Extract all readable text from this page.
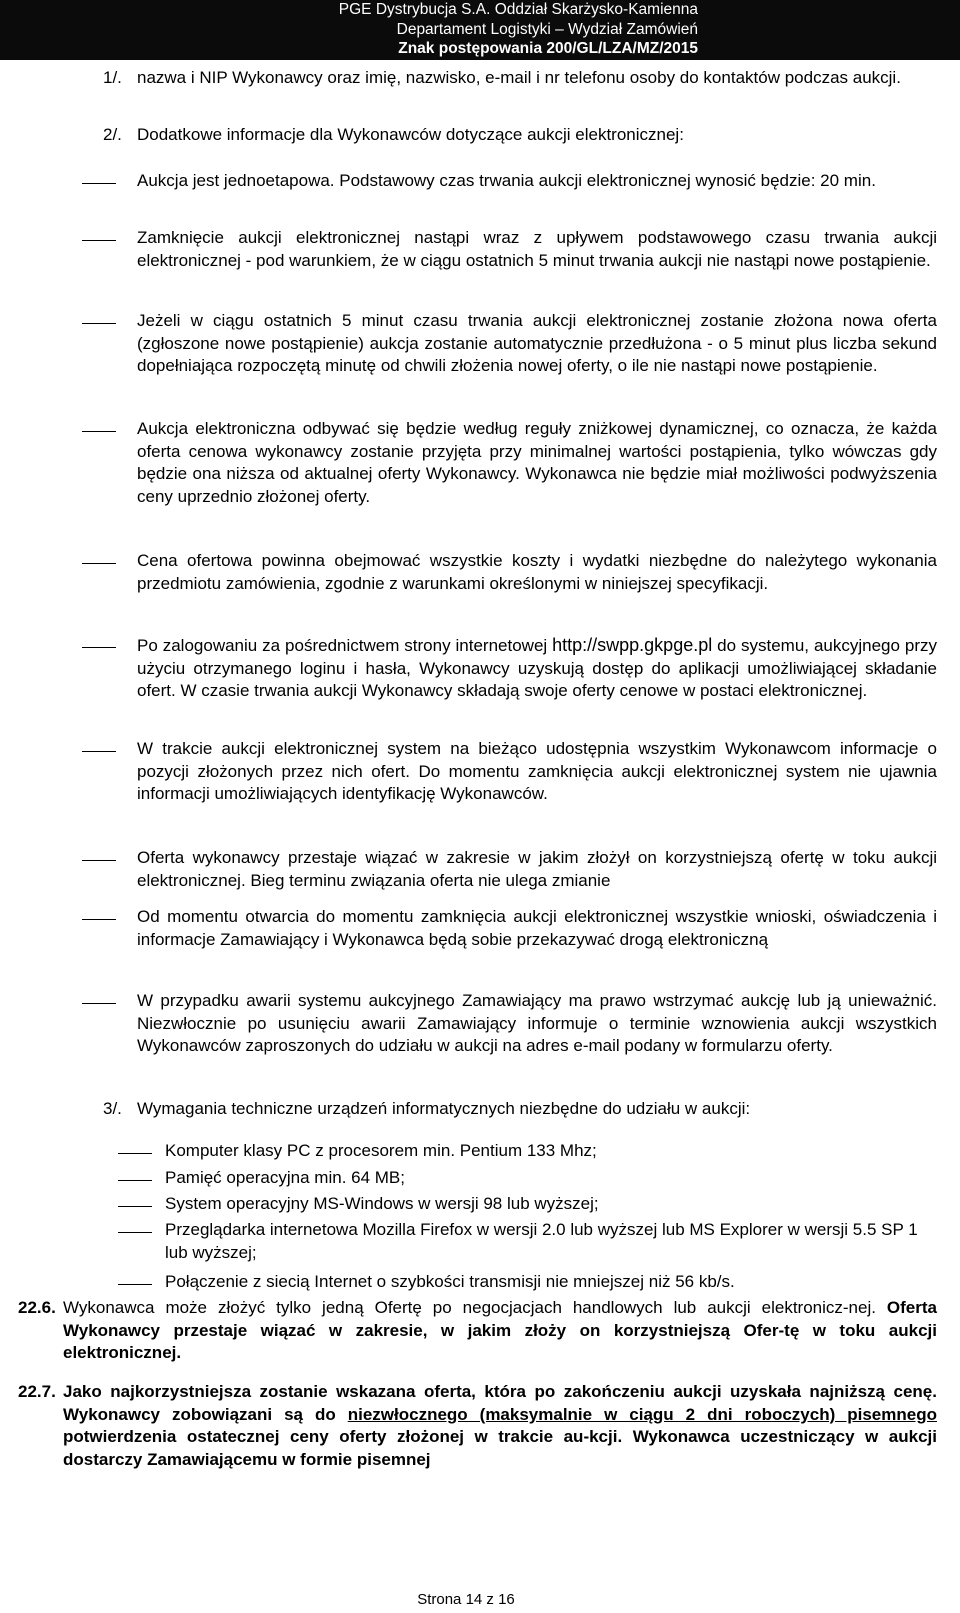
PGE Dystrybucja S.A. Oddział Skarżysko-Kamienna
Departament Logistyki – Wydział Zamówień
Znak postępowania 200/GL/LZA/MZ/2015
1/. nazwa i NIP Wykonawcy oraz imię, nazwisko, e-mail i nr telefonu osoby do kontaktów podczas aukcji.
2/. Dodatkowe informacje dla Wykonawców dotyczące aukcji elektronicznej:
Aukcja jest jednoetapowa. Podstawowy czas trwania aukcji elektronicznej wynosić będzie: 20 min.
Zamknięcie aukcji elektronicznej nastąpi wraz z upływem podstawowego czasu trwania aukcji elektronicznej - pod warunkiem, że w ciągu ostatnich 5 minut trwania aukcji nie nastąpi nowe postąpienie.
Jeżeli w ciągu ostatnich 5 minut czasu trwania aukcji elektronicznej zostanie złożona nowa oferta (zgłoszone nowe postąpienie) aukcja zostanie automatycznie przedłużona - o 5 minut plus liczba sekund dopełniająca rozpoczętą minutę od chwili złożenia nowej oferty, o ile nie nastąpi nowe postąpienie.
Aukcja elektroniczna odbywać się będzie według reguły zniżkowej dynamicznej, co oznacza, że każda oferta cenowa wykonawcy zostanie przyjęta przy minimalnej wartości postąpienia, tylko wówczas gdy będzie ona niższa od aktualnej oferty Wykonawcy. Wykonawca nie będzie miał możliwości podwyższenia ceny uprzednio złożonej oferty.
Cena ofertowa powinna obejmować wszystkie koszty i wydatki niezbędne do należytego wykonania przedmiotu zamówienia, zgodnie z warunkami określonymi w niniejszej specyfikacji.
Po zalogowaniu za pośrednictwem strony internetowej http://swpp.gkpge.pl do systemu, aukcyjnego przy użyciu otrzymanego loginu i hasła, Wykonawcy uzyskują dostęp do aplikacji umożliwiającej składanie ofert. W czasie trwania aukcji Wykonawcy składają swoje oferty cenowe w postaci elektronicznej.
W trakcie aukcji elektronicznej system na bieżąco udostępnia wszystkim Wykonawcom informacje o pozycji złożonych przez nich ofert. Do momentu zamknięcia aukcji elektronicznej system nie ujawnia informacji umożliwiających identyfikację Wykonawców.
Oferta wykonawcy przestaje wiązać w zakresie w jakim złożył on korzystniejszą ofertę w toku aukcji elektronicznej. Bieg terminu związania oferta nie ulega zmianie
Od momentu otwarcia do momentu zamknięcia aukcji elektronicznej wszystkie wnioski, oświadczenia i informacje Zamawiający i Wykonawca będą sobie przekazywać drogą elektroniczną
W przypadku awarii systemu aukcyjnego Zamawiający ma prawo wstrzymać aukcję lub ją unieważnić. Niezwłocznie po usunięciu awarii Zamawiający informuje o terminie wznowienia aukcji wszystkich Wykonawców zaproszonych do udziału w aukcji na adres e-mail podany w formularzu oferty.
3/. Wymagania techniczne urządzeń informatycznych niezbędne do udziału w aukcji:
Komputer klasy PC z procesorem min. Pentium 133 Mhz;
Pamięć operacyjna min. 64 MB;
System operacyjny MS-Windows w wersji 98 lub wyższej;
Przeglądarka internetowa Mozilla Firefox w wersji 2.0 lub wyższej lub MS Explorer w wersji 5.5 SP 1 lub wyższej;
Połączenie z siecią Internet o szybkości transmisji nie mniejszej niż 56 kb/s.
22.6. Wykonawca może złożyć tylko jedną Ofertę po negocjacjach handlowych lub aukcji elektronicz-nej. Oferta Wykonawcy przestaje wiązać w zakresie, w jakim złoży on korzystniejszą Ofer-tę w toku aukcji elektronicznej.
22.7. Jako najkorzystniejsza zostanie wskazana oferta, która po zakończeniu aukcji uzyskała najniższą cenę. Wykonawcy zobowiązani są do niezwłocznego (maksymalnie w ciągu 2 dni roboczych) pisemnego potwierdzenia ostatecznej ceny oferty złożonej w trakcie au-kcji. Wykonawca uczestniczący w aukcji dostarczy Zamawiającemu w formie pisemnej
Strona 14 z 16
